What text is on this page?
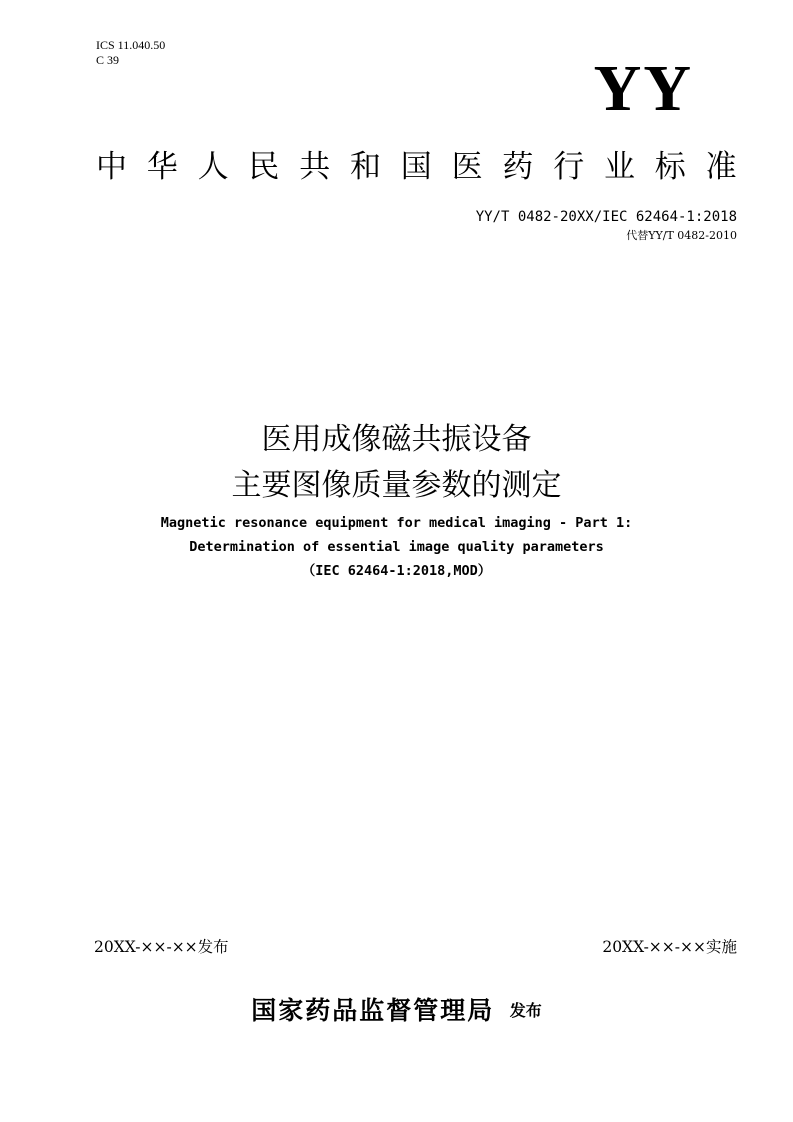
ICS 11.040.50
C 39	YY
中华人民共和国医药行业标准
YY/T 0482-20XX/IEC 62464-1:2018
代替YY/T 0482-2010
医用成像磁共振设备
主要图像质量参数的测定
Magnetic resonance equipment for medical imaging - Part 1:
Determination of essential image quality parameters
（IEC 62464-1:2018,MOD）
20XX-××-××发布	20XX-××-××实施
国家药品监督管理局 发布
